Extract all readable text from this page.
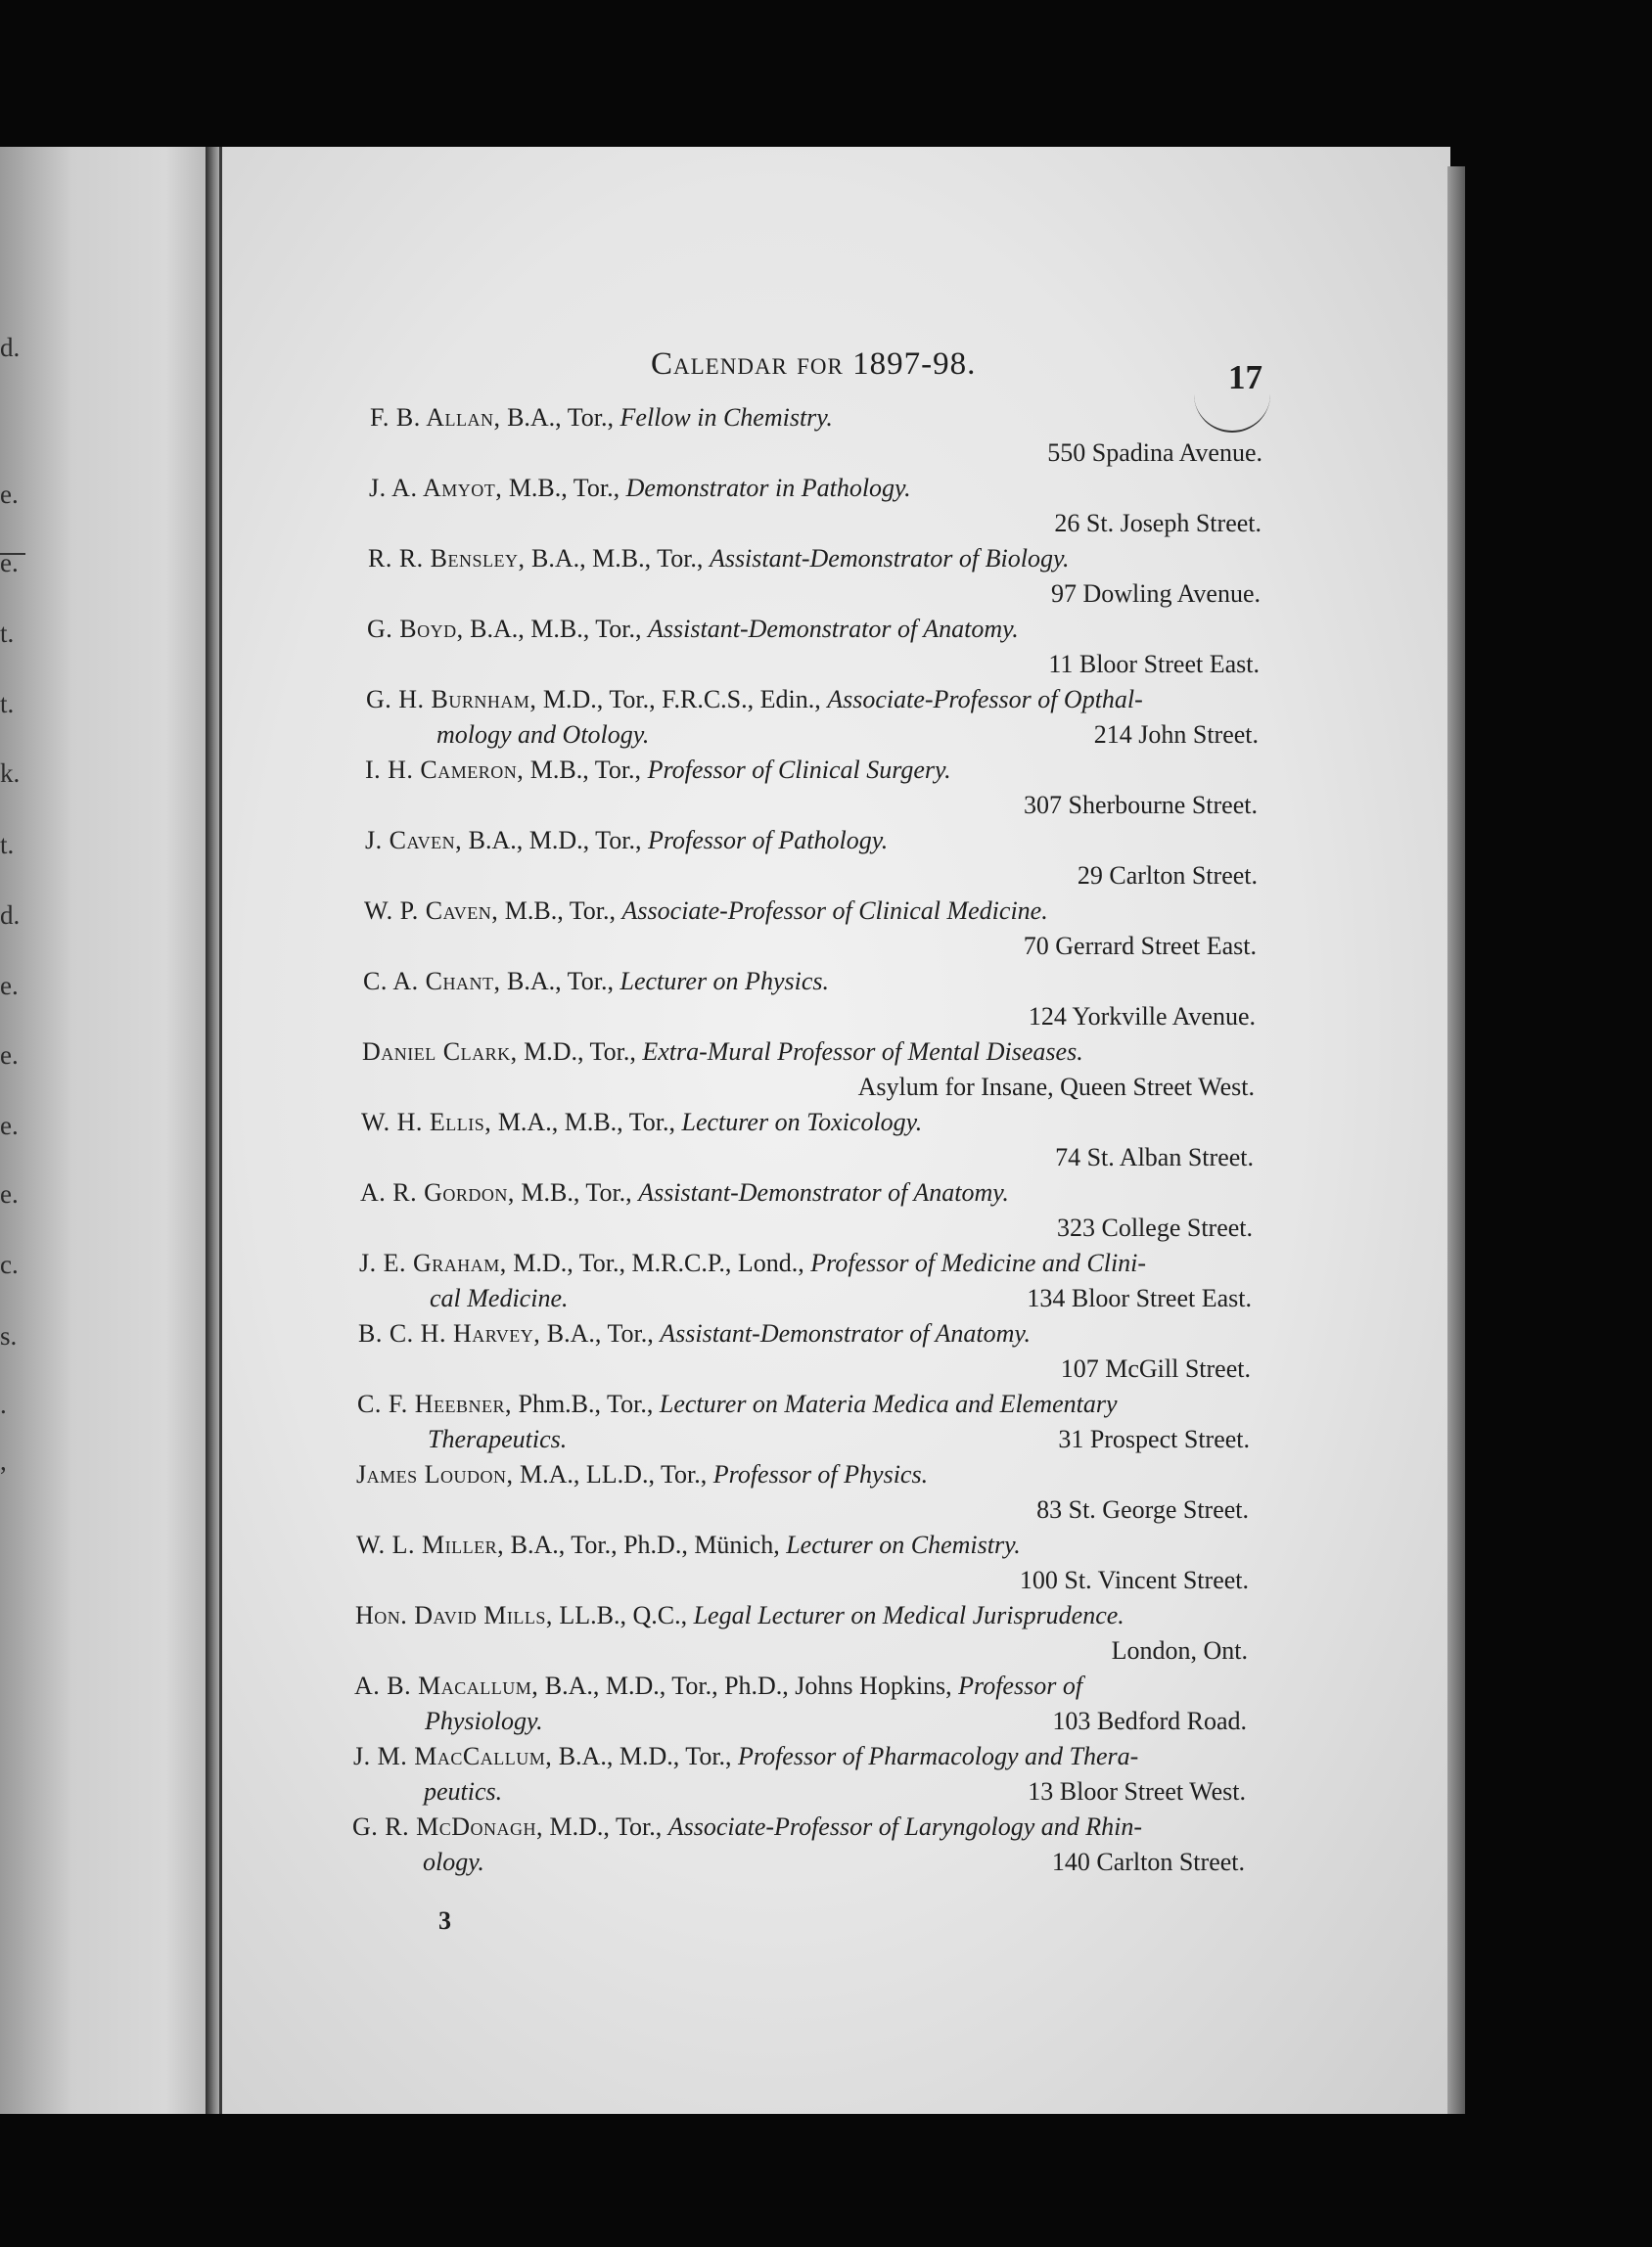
d.
e.
e.
t.
t.
k.
t.
d.
e.
e.
e.
e.
c.
s.
.
,
Calendar for 1897-98.	17
F. B. Allan, B.A., Tor., Fellow in Chemistry.
550 Spadina Avenue.
J. A. Amyot, M.B., Tor., Demonstrator in Pathology.
26 St. Joseph Street.
R. R. Bensley, B.A., M.B., Tor., Assistant-Demonstrator of Biology.
97 Dowling Avenue.
G. Boyd, B.A., M.B., Tor., Assistant-Demonstrator of Anatomy.
11 Bloor Street East.
G. H. Burnham, M.D., Tor., F.R.C.S., Edin., Associate-Professor of Opthal-
mology and Otology.	214 John Street.
I. H. Cameron, M.B., Tor., Professor of Clinical Surgery.
307 Sherbourne Street.
J. Caven, B.A., M.D., Tor., Professor of Pathology.
29 Carlton Street.
W. P. Caven, M.B., Tor., Associate-Professor of Clinical Medicine.
70 Gerrard Street East.
C. A. Chant, B.A., Tor., Lecturer on Physics.
124 Yorkville Avenue.
Daniel Clark, M.D., Tor., Extra-Mural Professor of Mental Diseases.
Asylum for Insane, Queen Street West.
W. H. Ellis, M.A., M.B., Tor., Lecturer on Toxicology.
74 St. Alban Street.
A. R. Gordon, M.B., Tor., Assistant-Demonstrator of Anatomy.
323 College Street.
J. E. Graham, M.D., Tor., M.R.C.P., Lond., Professor of Medicine and Clini-
cal Medicine.	134 Bloor Street East.
B. C. H. Harvey, B.A., Tor., Assistant-Demonstrator of Anatomy.
107 McGill Street.
C. F. Heebner, Phm.B., Tor., Lecturer on Materia Medica and Elementary
Therapeutics.	31 Prospect Street.
James Loudon, M.A., LL.D., Tor., Professor of Physics.
83 St. George Street.
W. L. Miller, B.A., Tor., Ph.D., Münich, Lecturer on Chemistry.
100 St. Vincent Street.
Hon. David Mills, LL.B., Q.C., Legal Lecturer on Medical Jurisprudence.
London, Ont.
A. B. Macallum, B.A., M.D., Tor., Ph.D., Johns Hopkins, Professor of
Physiology.	103 Bedford Road.
J. M. MacCallum, B.A., M.D., Tor., Professor of Pharmacology and Thera-
peutics.	13 Bloor Street West.
G. R. McDonagh, M.D., Tor., Associate-Professor of Laryngology and Rhin-
ology.	140 Carlton Street.
3
